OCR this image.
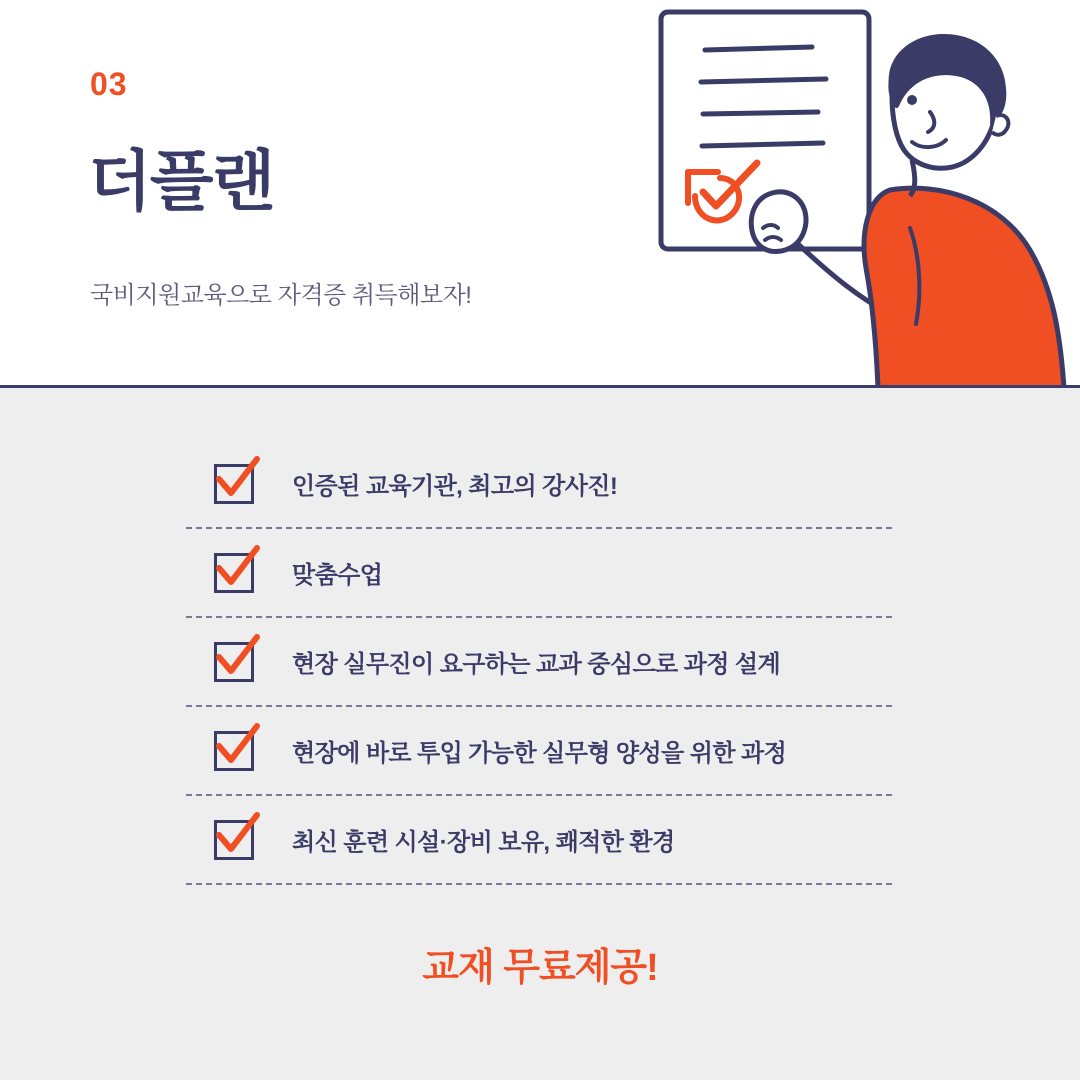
03
더플랜
국비지원교육으로 자격증 취득해보자!
인증된 교육기관, 최고의 강사진!
맞춤수업
현장 실무진이 요구하는 교과 중심으로 과정 설계
현장에 바로 투입 가능한 실무형 양성을 위한 과정
최신 훈련 시설·장비 보유, 쾌적한 환경
교재 무료제공!
